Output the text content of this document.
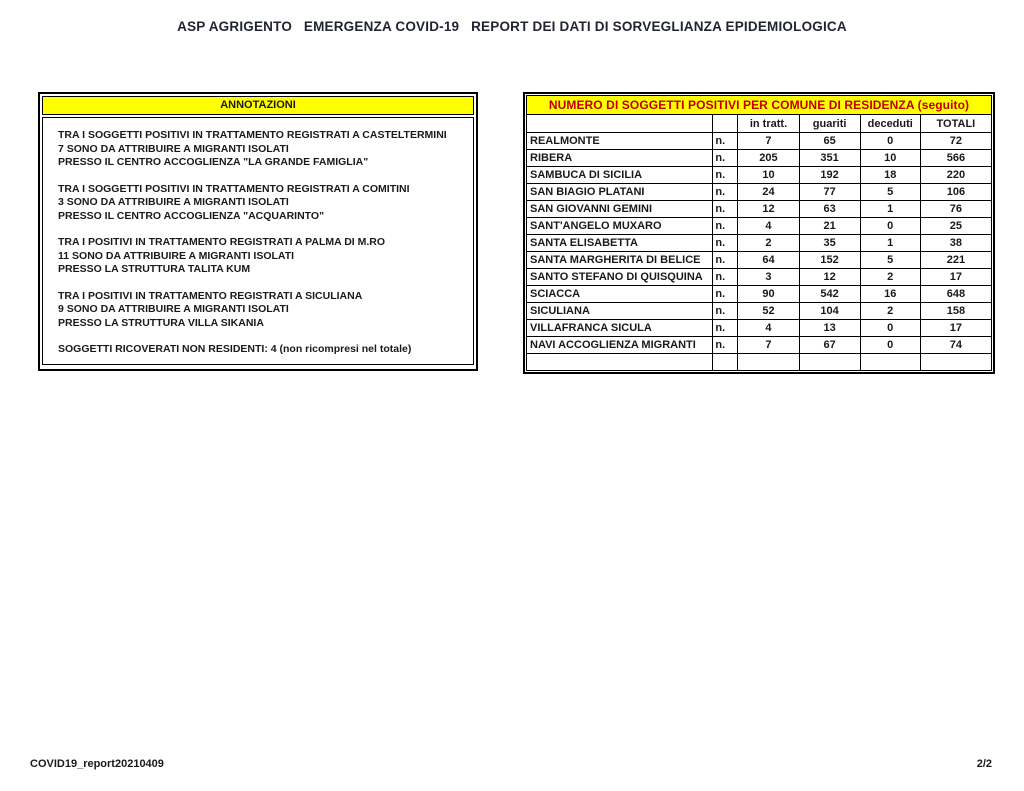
ASP AGRIGENTO   EMERGENZA COVID-19   REPORT DEI DATI DI SORVEGLIANZA EPIDEMIOLOGICA
ANNOTAZIONI
TRA I SOGGETTI POSITIVI IN TRATTAMENTO REGISTRATI A CASTELTERMINI
7 SONO DA ATTRIBUIRE A MIGRANTI ISOLATI
PRESSO IL CENTRO ACCOGLIENZA "LA GRANDE FAMIGLIA"
TRA I SOGGETTI POSITIVI IN TRATTAMENTO REGISTRATI A COMITINI
3 SONO DA ATTRIBUIRE A MIGRANTI ISOLATI
PRESSO IL CENTRO ACCOGLIENZA "ACQUARINTO"
TRA I POSITIVI IN TRATTAMENTO REGISTRATI A PALMA DI M.RO
11 SONO DA ATTRIBUIRE A MIGRANTI ISOLATI
PRESSO LA STRUTTURA TALITA KUM
TRA I POSITIVI IN TRATTAMENTO REGISTRATI A SICULIANA
9 SONO DA ATTRIBUIRE A MIGRANTI ISOLATI
PRESSO LA STRUTTURA VILLA SIKANIA
SOGGETTI RICOVERATI NON RESIDENTI: 4 (non ricompresi nel totale)
NUMERO DI SOGGETTI POSITIVI PER COMUNE DI RESIDENZA (seguito)					
		in tratt.	guariti	deceduti	TOTALI
REALMONTE	n.	7	65	0	72
RIBERA	n.	205	351	10	566
SAMBUCA DI SICILIA	n.	10	192	18	220
SAN BIAGIO PLATANI	n.	24	77	5	106
SAN GIOVANNI GEMINI	n.	12	63	1	76
SANT'ANGELO MUXARO	n.	4	21	0	25
SANTA ELISABETTA	n.	2	35	1	38
SANTA MARGHERITA DI BELICE	n.	64	152	5	221
SANTO STEFANO DI QUISQUINA	n.	3	12	2	17
SCIACCA	n.	90	542	16	648
SICULIANA	n.	52	104	2	158
VILLAFRANCA SICULA	n.	4	13	0	17
NAVI ACCOGLIENZA MIGRANTI	n.	7	67	0	74

COVID19_report20210409	2/2
